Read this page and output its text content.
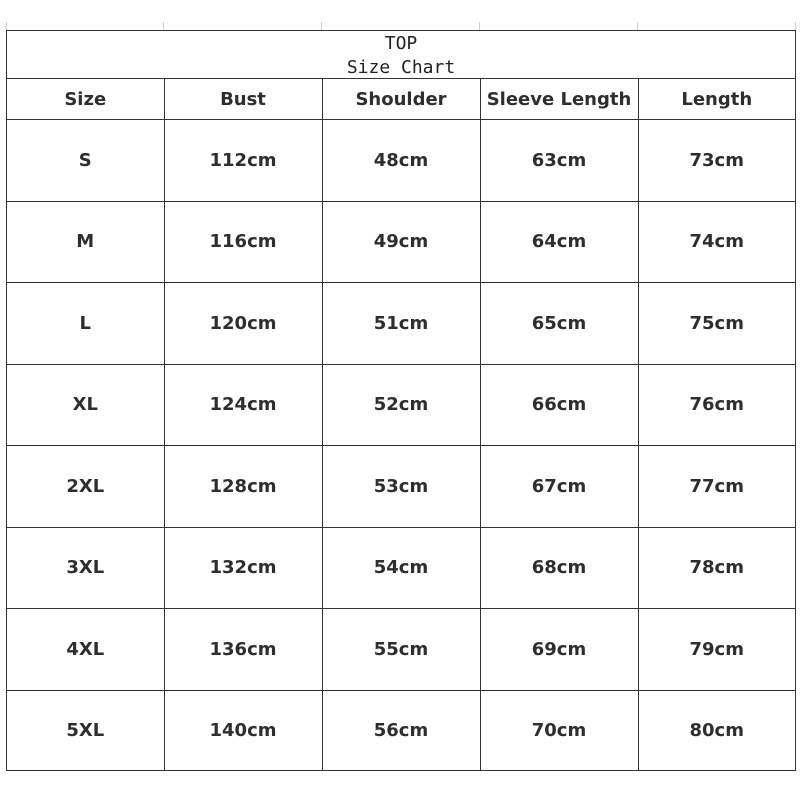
TOP
Size Chart
Size	Bust	Shoulder	Sleeve Length	Length
S	112cm	48cm	63cm	73cm
M	116cm	49cm	64cm	74cm
L	120cm	51cm	65cm	75cm
XL	124cm	52cm	66cm	76cm
2XL	128cm	53cm	67cm	77cm
3XL	132cm	54cm	68cm	78cm
4XL	136cm	55cm	69cm	79cm
5XL	140cm	56cm	70cm	80cm
